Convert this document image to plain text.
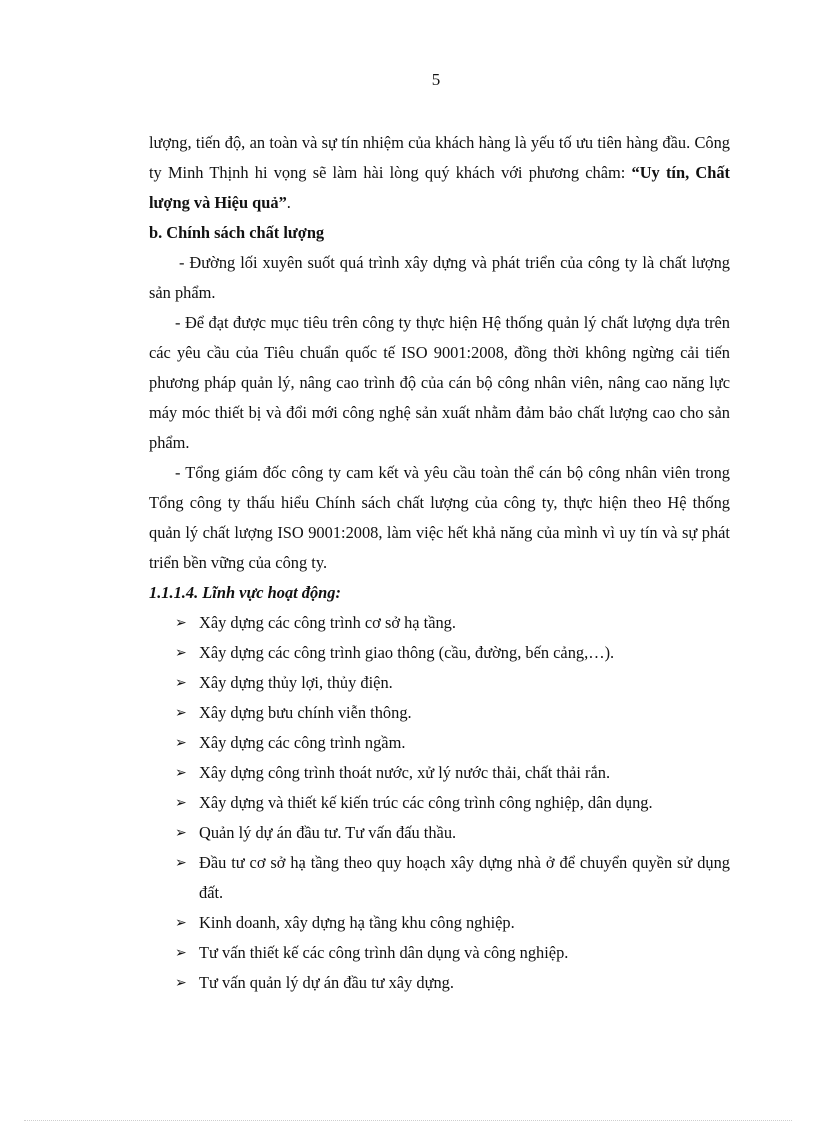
5

lượng, tiến độ, an toàn và sự tín nhiệm của khách hàng là yếu tố ưu tiên hàng đầu. Công ty Minh Thịnh hi vọng sẽ làm hài lòng quý khách với phương châm: “Uy tín, Chất lượng và Hiệu quả”.

b. Chính sách chất lượng

- Đường lối xuyên suốt quá trình xây dựng và phát triển của công ty là chất lượng sản phẩm.

- Để đạt được mục tiêu trên công ty thực hiện Hệ thống quản lý chất lượng dựa trên các yêu cầu của Tiêu chuẩn quốc tế ISO 9001:2008, đồng thời không ngừng cải tiến phương pháp quản lý, nâng cao trình độ của cán bộ công nhân viên, nâng cao năng lực máy móc thiết bị và đổi mới công nghệ sản xuất nhằm đảm bảo chất lượng cao cho sản phẩm.

- Tổng giám đốc công ty cam kết và yêu cầu toàn thể cán bộ công nhân viên trong Tổng công ty thấu hiểu Chính sách chất lượng của công ty, thực hiện theo Hệ thống quản lý chất lượng ISO 9001:2008, làm việc hết khả năng của mình vì uy tín và sự phát triển bền vững của công ty.

1.1.1.4. Lĩnh vực hoạt động:

➢ Xây dựng các công trình cơ sở hạ tầng.
➢ Xây dựng các công trình giao thông (cầu, đường, bến cảng,…).
➢ Xây dựng thủy lợi, thủy điện.
➢ Xây dựng bưu chính viễn thông.
➢ Xây dựng các công trình ngầm.
➢ Xây dựng công trình thoát nước, xử lý nước thải, chất thải rắn.
➢ Xây dựng và thiết kế kiến trúc các công trình công nghiệp, dân dụng.
➢ Quản lý dự án đầu tư. Tư vấn đấu thầu.
➢ Đầu tư cơ sở hạ tầng theo quy hoạch xây dựng nhà ở để chuyển quyền sử dụng đất.
➢ Kinh doanh, xây dựng hạ tầng khu công nghiệp.
➢ Tư vấn thiết kế các công trình dân dụng và công nghiệp.
➢ Tư vấn quản lý dự án đầu tư xây dựng.
